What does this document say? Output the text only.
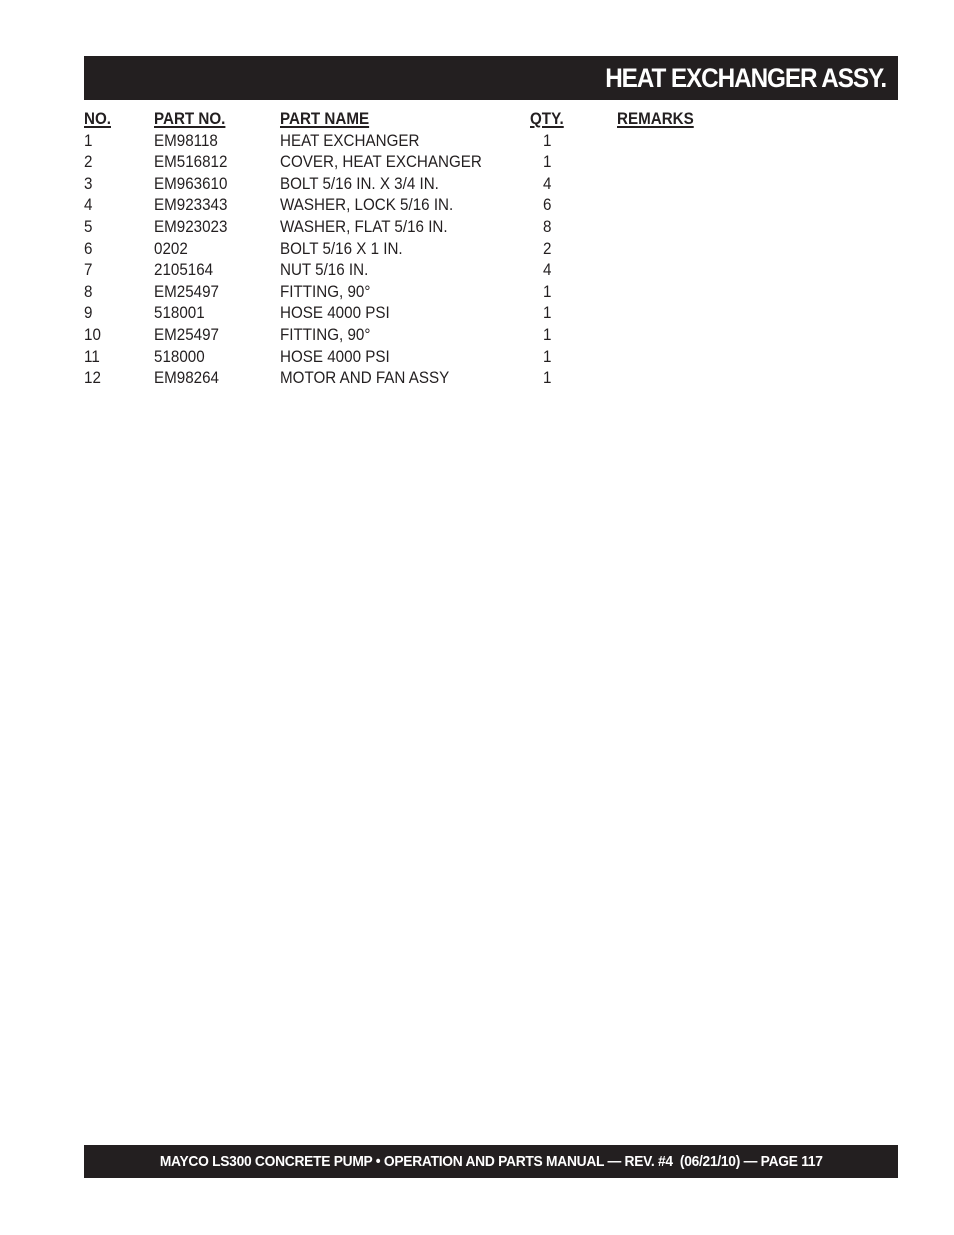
HEAT EXCHANGER ASSY.
NO.	PART NO.	PART NAME	QTY.	REMARKS
1	EM98118	HEAT EXCHANGER	1
2	EM516812	COVER, HEAT EXCHANGER	1
3	EM963610	BOLT 5/16 IN. X 3/4 IN.	4
4	EM923343	WASHER, LOCK 5/16 IN.	6
5	EM923023	WASHER, FLAT 5/16 IN.	8
6	0202	BOLT 5/16 X 1 IN.	2
7	2105164	NUT 5/16 IN.	4
8	EM25497	FITTING, 90°	1
9	518001	HOSE 4000 PSI	1
10	EM25497	FITTING, 90°	1
11	518000	HOSE 4000 PSI	1
12	EM98264	MOTOR AND FAN ASSY	1
MAYCO LS300 CONCRETE PUMP • OPERATION AND PARTS MANUAL — REV. #4  (06/21/10) — PAGE 117
